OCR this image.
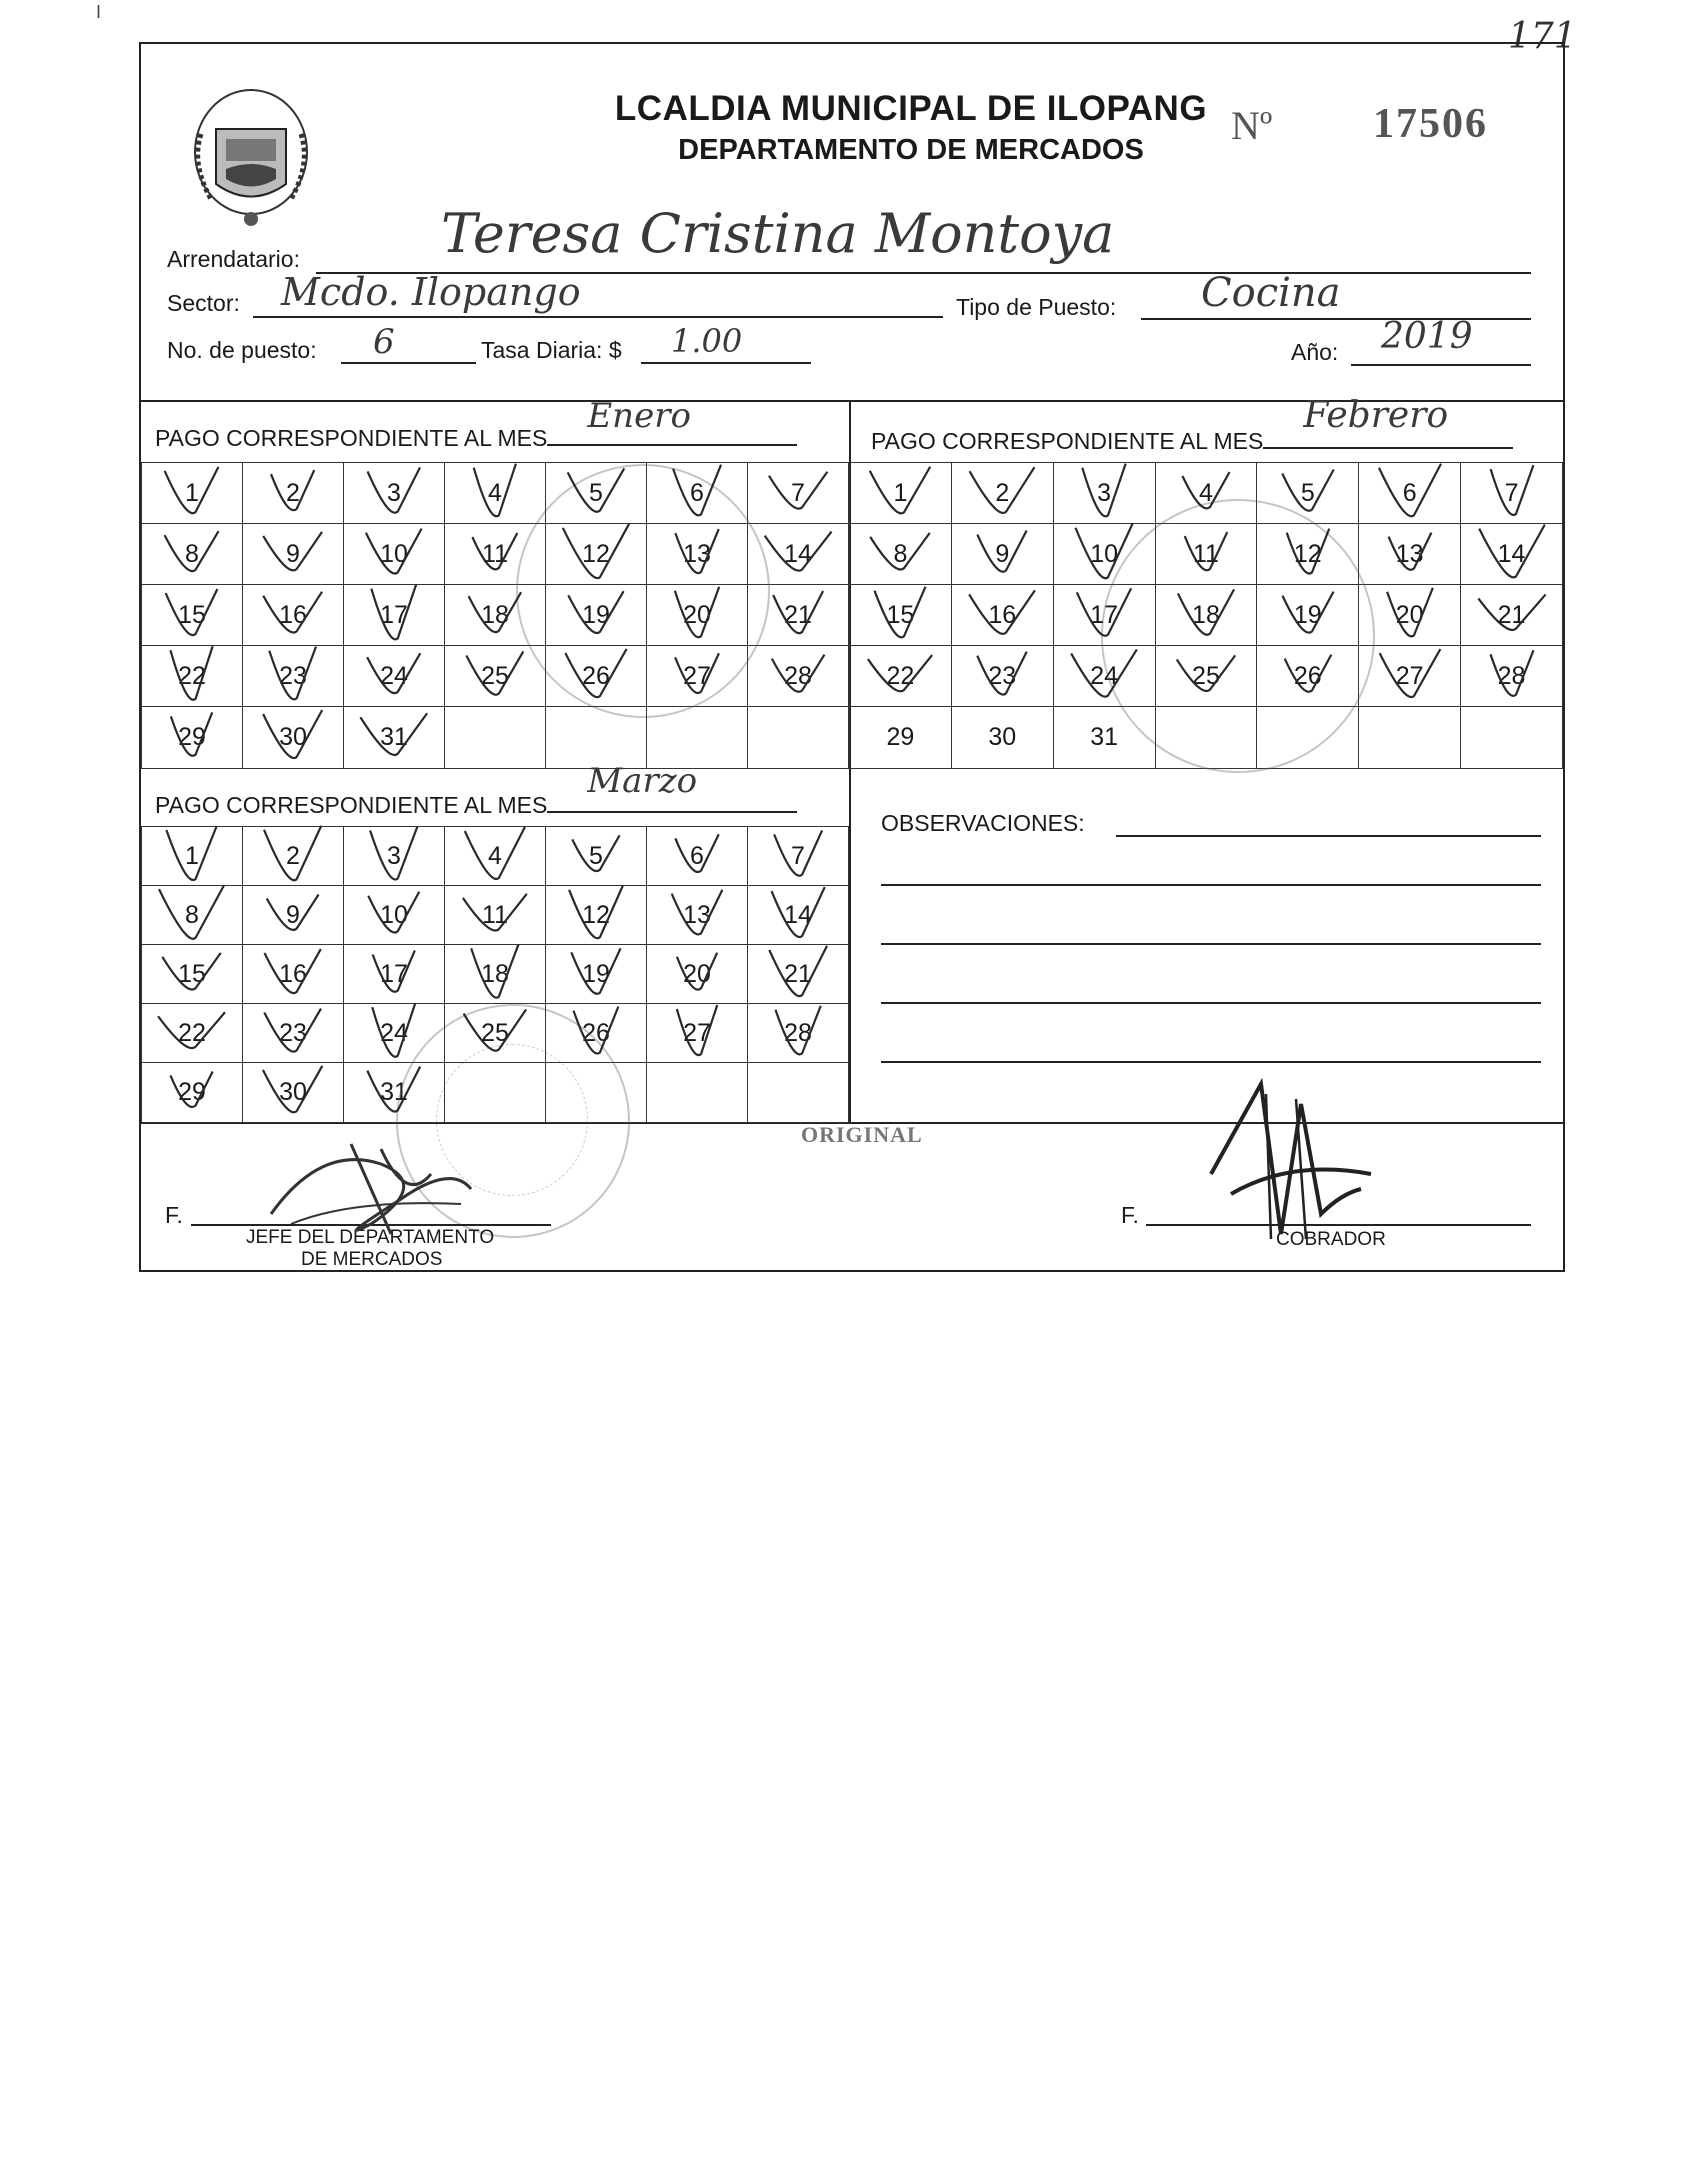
I
171
LCALDIA MUNICIPAL DE ILOPANG
DEPARTAMENTO DE MERCADOS
Nº 17506
Arrendatario:	Teresa Cristina Montoya
Sector: Mcdo. Ilopango	Tipo de Puesto: Cocina
No. de puesto: 6	Tasa Diaria: $ 1.00	Año: 2019
PAGO CORRESPONDIENTE AL MES
Enero
PAGO CORRESPONDIENTE AL MES
Febrero
PAGO CORRESPONDIENTE AL MES
Marzo
1	2	3	4	5	6	7
8	9	10	11	12	13	14
15	16	17	18	19	20	21
22	23	24	25	26	27	28
29	30	31				
1	2	3	4	5	6	7
8	9	10	11	12	13	14
15	16	17	18	19	20	21
22	23	24	25	26	27	28
29	30	31				
1	2	3	4	5	6	7
8	9	10	11	12	13	14
15	16	17	18	19	20	21
22	23	24	25	26	27	28
29	30	31				
OBSERVACIONES:
ORIGINAL
F.
JEFE DEL DEPARTAMENTO
DE MERCADOS
F.
COBRADOR
